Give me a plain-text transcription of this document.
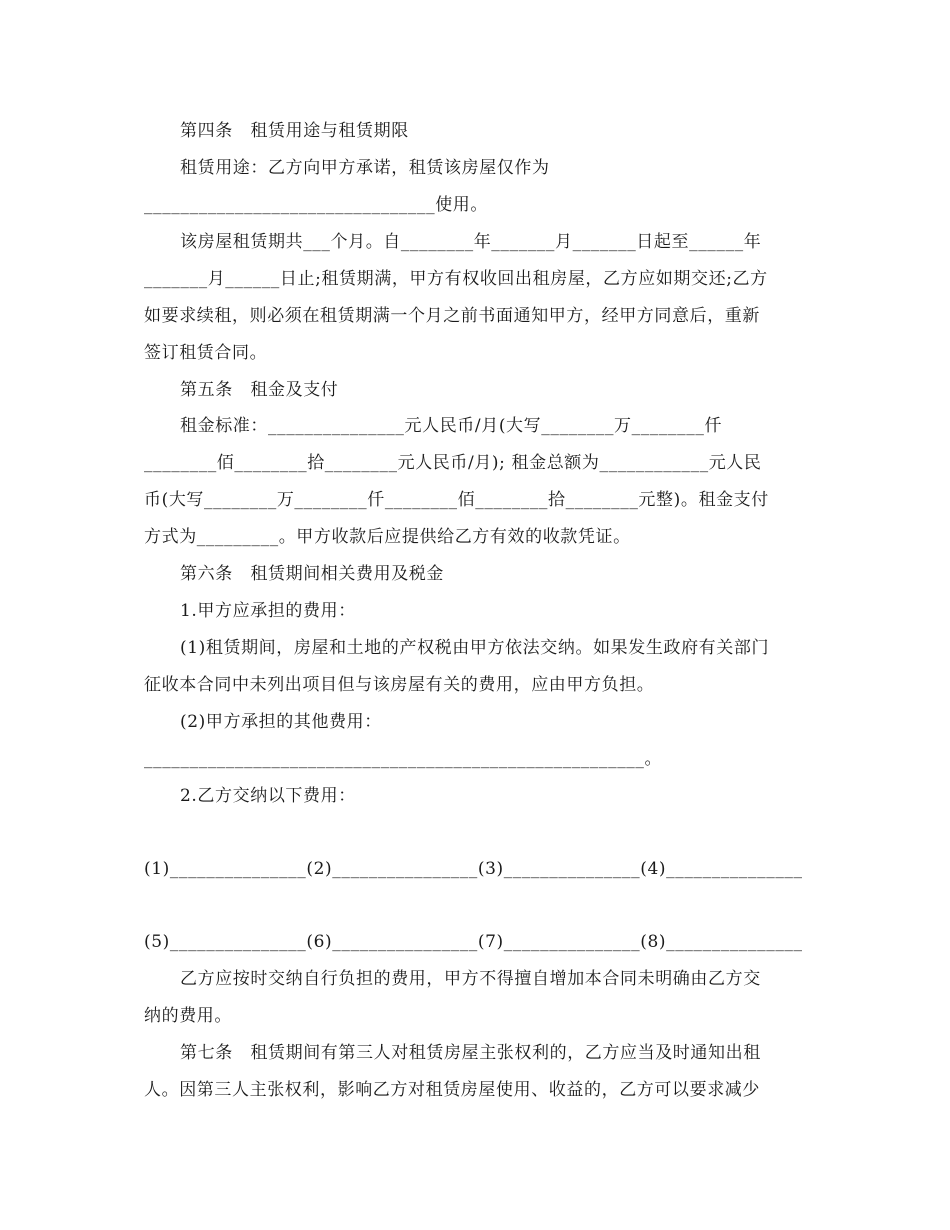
第四条　租赁用途与租赁期限
租赁用途：乙方向甲方承诺，租赁该房屋仅作为
________________________________使用。
该房屋租赁期共___个月。自________年_______月_______日起至______年
_______月______日止;租赁期满，甲方有权收回出租房屋，乙方应如期交还;乙方
如要求续租，则必须在租赁期满一个月之前书面通知甲方，经甲方同意后，重新
签订租赁合同。
第五条　租金及支付
租金标准：_______________元人民币/月(大写________万________仟
________佰________拾________元人民币/月); 租金总额为____________元人民
币(大写________万________仟________佰________拾________元整)。租金支付
方式为_________。甲方收款后应提供给乙方有效的收款凭证。
第六条　租赁期间相关费用及税金
1.甲方应承担的费用：
(1)租赁期间，房屋和土地的产权税由甲方依法交纳。如果发生政府有关部门
征收本合同中未列出项目但与该房屋有关的费用，应由甲方负担。
(2)甲方承担的其他费用：
_______________________________________________________。
2.乙方交纳以下费用：
(1)_______________(2)________________(3)_______________(4)_______________
(5)_______________(6)________________(7)_______________(8)_______________
乙方应按时交纳自行负担的费用，甲方不得擅自增加本合同未明确由乙方交
纳的费用。
第七条　租赁期间有第三人对租赁房屋主张权利的，乙方应当及时通知出租
人。因第三人主张权利，影响乙方对租赁房屋使用、收益的，乙方可以要求减少
